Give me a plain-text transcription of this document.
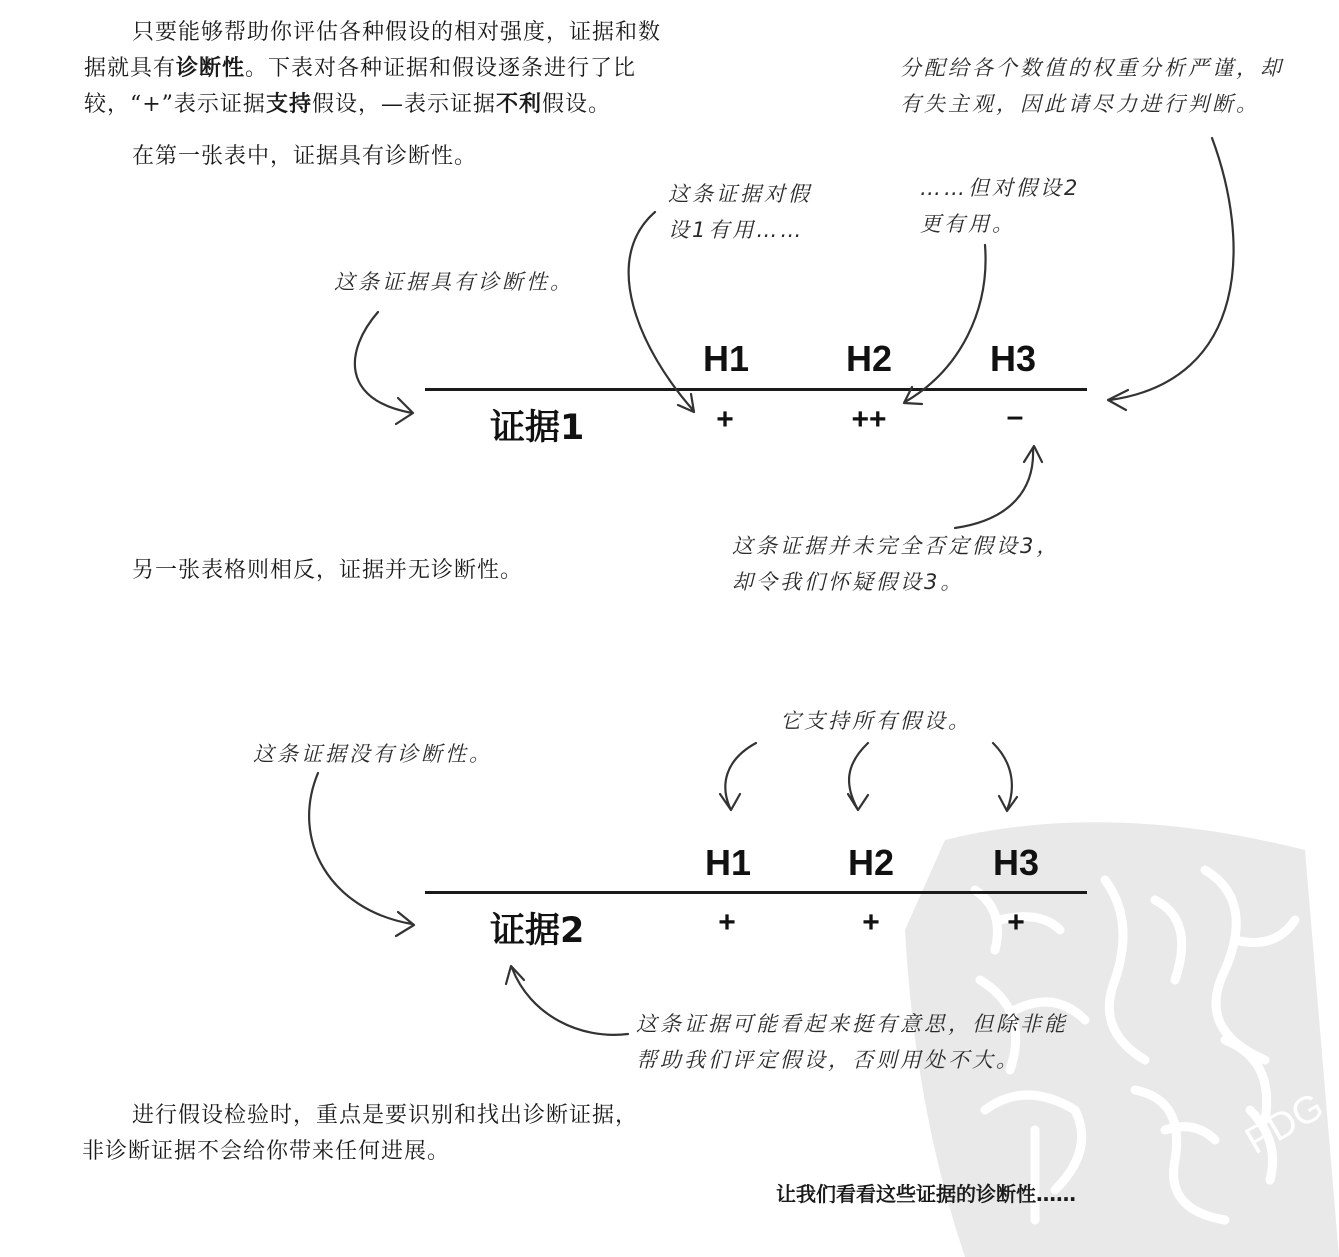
只要能够帮助你评估各种假设的相对强度，证据和数
据就具有诊断性。下表对各种证据和假设逐条进行了比
较，“+”表示证据支持假设，—表示证据不利假设。
在第一张表中，证据具有诊断性。
分配给各个数值的权重分析严谨，却
有失主观，因此请尽力进行判断。
这条证据对假
设1有用……
……但对假设2
更有用。
这条证据具有诊断性。
H1	H2	H3
证据1	+	++	–
这条证据并未完全否定假设3，
却令我们怀疑假设3。
另一张表格则相反，证据并无诊断性。
它支持所有假设。
这条证据没有诊断性。
PDG
H1	H2	H3
证据2	+	+	+
这条证据可能看起来挺有意思，但除非能
帮助我们评定假设，否则用处不大。
进行假设检验时，重点是要识别和找出诊断证据，
非诊断证据不会给你带来任何进展。
让我们看看这些证据的诊断性……
